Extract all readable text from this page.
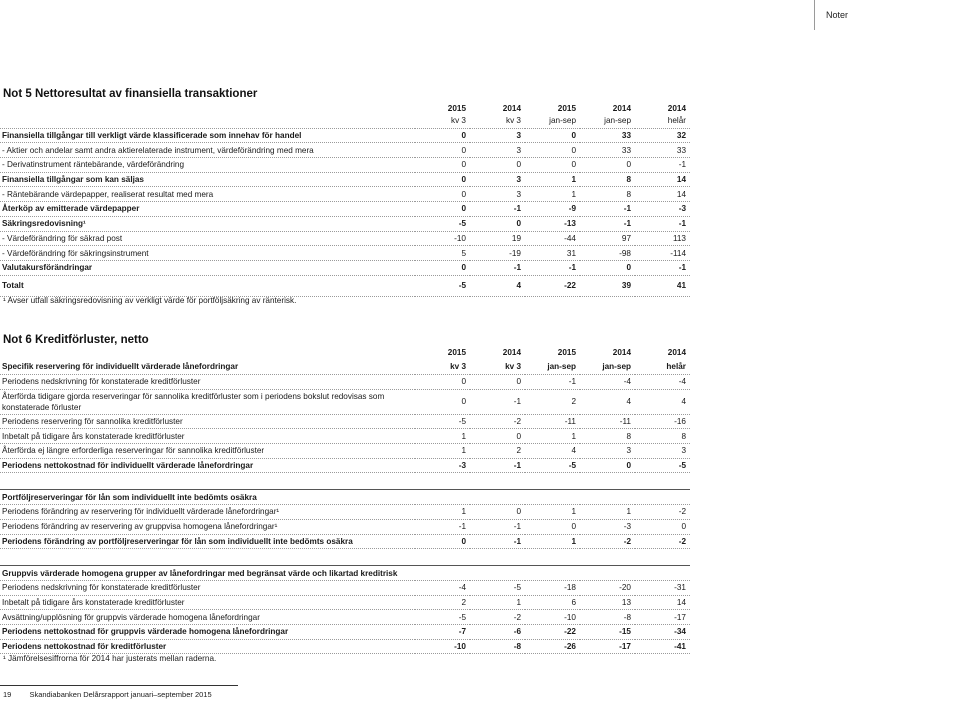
Noter
Not 5 Nettoresultat av finansiella transaktioner
	2015	2014	2015	2014	2014
	kv 3	kv 3	jan-sep	jan-sep	helår
Finansiella tillgångar till verkligt värde klassificerade som innehav för handel	0	3	0	33	32
- Aktier och andelar samt andra aktierelaterade instrument, värdeförändring med mera	0	3	0	33	33
- Derivatinstrument räntebärande, värdeförändring	0	0	0	0	-1
Finansiella tillgångar som kan säljas	0	3	1	8	14
- Räntebärande värdepapper, realiserat resultat med mera	0	3	1	8	14
Återköp av emitterade värdepapper	0	-1	-9	-1	-3
Säkringsredovisning¹	-5	0	-13	-1	-1
- Värdeförändring för säkrad post	-10	19	-44	97	113
- Värdeförändring för säkringsinstrument	5	-19	31	-98	-114
Valutakursförändringar	0	-1	-1	0	-1
Totalt	-5	4	-22	39	41
¹ Avser utfall säkringsredovisning av verkligt värde för portföljsäkring av ränterisk.
Not 6 Kreditförluster, netto
	2015	2014	2015	2014	2014
Specifik reservering för individuellt värderade lånefordringar	kv 3	kv 3	jan-sep	jan-sep	helår
Periodens nedskrivning för konstaterade kreditförluster	0	0	-1	-4	-4
Återförda tidigare gjorda reserveringar för sannolika kreditförluster som i periodens bokslut redovisas som konstaterade förluster	0	-1	2	4	4
Periodens reservering för sannolika kreditförluster	-5	-2	-11	-11	-16
Inbetalt på tidigare års konstaterade kreditförluster	1	0	1	8	8
Återförda ej längre erforderliga reserveringar för sannolika kreditförluster	1	2	4	3	3
Periodens nettokostnad för individuellt värderade lånefordringar	-3	-1	-5	0	-5

Portföljreserveringar för lån som individuellt inte bedömts osäkra					
Periodens förändring av reservering för individuellt värderade lånefordringar¹	1	0	1	1	-2
Periodens förändring av reservering av gruppvisa homogena lånefordringar¹	-1	-1	0	-3	0
Periodens förändring av portföljreserveringar för lån som individuellt inte bedömts osäkra	0	-1	1	-2	-2

Gruppvis värderade homogena grupper av lånefordringar med begränsat värde och likartad kreditrisk					
Periodens nedskrivning för konstaterade kreditförluster	-4	-5	-18	-20	-31
Inbetalt på tidigare års konstaterade kreditförluster	2	1	6	13	14
Avsättning/upplösning för gruppvis värderade homogena lånefordringar	-5	-2	-10	-8	-17
Periodens nettokostnad för gruppvis värderade homogena lånefordringar	-7	-6	-22	-15	-34
Periodens nettokostnad för kreditförluster	-10	-8	-26	-17	-41
¹ Jämförelsesiffrorna för 2014 har justerats mellan raderna.
19 Skandiabanken Delårsrapport januari–september 2015
